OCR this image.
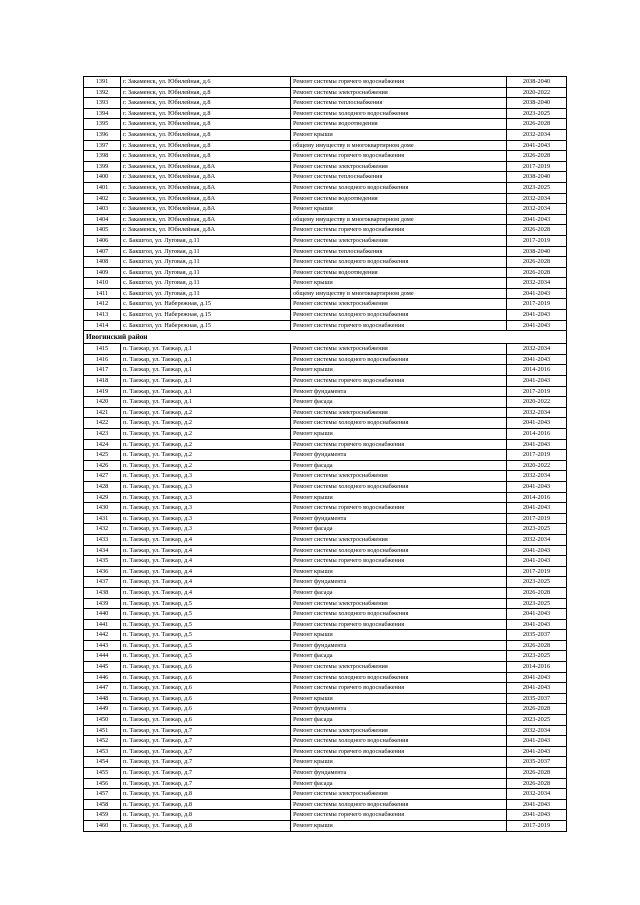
1391	г. Закаменск, ул. Юбилейная, д.6	Ремонт системы горячего водоснабжения	2038-2040
1392	г. Закаменск, ул. Юбилейная, д.8	Ремонт системы электроснабжения	2020-2022
1393	г. Закаменск, ул. Юбилейная, д.8	Ремонт системы теплоснабжения	2038-2040
1394	г. Закаменск, ул. Юбилейная, д.8	Ремонт системы холодного водоснабжения	2023-2025
1395	г. Закаменск, ул. Юбилейная, д.8	Ремонт системы водоотведения	2026-2028
1396	г. Закаменск, ул. Юбилейная, д.8	Ремонт крыши	2032-2034
1397	г. Закаменск, ул. Юбилейная, д.8	общему имуществу в многоквартирном доме	2041-2043
1398	г. Закаменск, ул. Юбилейная, д.8	Ремонт системы горячего водоснабжения	2026-2028
1399	г. Закаменск, ул. Юбилейная, д.8А	Ремонт системы электроснабжения	2017-2019
1400	г. Закаменск, ул. Юбилейная, д.8А	Ремонт системы теплоснабжения	2038-2040
1401	г. Закаменск, ул. Юбилейная, д.8А	Ремонт системы холодного водоснабжения	2023-2025
1402	г. Закаменск, ул. Юбилейная, д.8А	Ремонт системы водоотведения	2032-2034
1403	г. Закаменск, ул. Юбилейная, д.8А	Ремонт крыши	2032-2034
1404	г. Закаменск, ул. Юбилейная, д.8А	общему имуществу в многоквартирном доме	2041-2043
1405	г. Закаменск, ул. Юбилейная, д.8А	Ремонт системы горячего водоснабжения	2026-2028
1406	с. Бакшгол, ул. Луговая, д.11	Ремонт системы электроснабжения	2017-2019
1407	с. Бакшгол, ул. Луговая, д.11	Ремонт системы теплоснабжения	2038-2040
1408	с. Бакшгол, ул. Луговая, д.11	Ремонт системы холодного водоснабжения	2026-2028
1409	с. Бакшгол, ул. Луговая, д.11	Ремонт системы водоотведения	2026-2028
1410	с. Бакшгол, ул. Луговая, д.11	Ремонт крыши	2032-2034
1411	с. Бакшгол, ул. Луговая, д.11	общему имуществу в многоквартирном доме	2041-2043
1412	с. Бакшгол, ул. Набережная, д.15	Ремонт системы электроснабжения	2017-2019
1413	с. Бакшгол, ул. Набережная, д.15	Ремонт системы холодного водоснабжения	2041-2043
1414	с. Бакшгол, ул. Набережная, д.15	Ремонт системы горячего водоснабжения	2041-2043
Ивогинский район			
1415	п. Таежар, ул. Таежар, д.1	Ремонт системы электроснабжения	2032-2034
1416	п. Таежар, ул. Таежар, д.1	Ремонт системы холодного водоснабжения	2041-2043
1417	п. Таежар, ул. Таежар, д.1	Ремонт крыши	2014-2016
1418	п. Таежар, ул. Таежар, д.1	Ремонт системы горячего водоснабжения	2041-2043
1419	п. Таежар, ул. Таежар, д.1	Ремонт фундамента	2017-2019
1420	п. Таежар, ул. Таежар, д.1	Ремонт фасада	2020-2022
1421	п. Таежар, ул. Таежар, д.2	Ремонт системы электроснабжения	2032-2034
1422	п. Таежар, ул. Таежар, д.2	Ремонт системы холодного водоснабжения	2041-2043
1423	п. Таежар, ул. Таежар, д.2	Ремонт крыши	2014-2016
1424	п. Таежар, ул. Таежар, д.2	Ремонт системы горячего водоснабжения	2041-2043
1425	п. Таежар, ул. Таежар, д.2	Ремонт фундамента	2017-2019
1426	п. Таежар, ул. Таежар, д.2	Ремонт фасада	2020-2022
1427	п. Таежар, ул. Таежар, д.3	Ремонт системы электроснабжения	2032-2034
1428	п. Таежар, ул. Таежар, д.3	Ремонт системы холодного водоснабжения	2041-2043
1429	п. Таежар, ул. Таежар, д.3	Ремонт крыши	2014-2016
1430	п. Таежар, ул. Таежар, д.3	Ремонт системы горячего водоснабжения	2041-2043
1431	п. Таежар, ул. Таежар, д.3	Ремонт фундамента	2017-2019
1432	п. Таежар, ул. Таежар, д.3	Ремонт фасада	2023-2025
1433	п. Таежар, ул. Таежар, д.4	Ремонт системы электроснабжения	2032-2034
1434	п. Таежар, ул. Таежар, д.4	Ремонт системы холодного водоснабжения	2041-2043
1435	п. Таежар, ул. Таежар, д.4	Ремонт системы горячего водоснабжения	2041-2043
1436	п. Таежар, ул. Таежар, д.4	Ремонт крыши	2017-2019
1437	п. Таежар, ул. Таежар, д.4	Ремонт фундамента	2023-2025
1438	п. Таежар, ул. Таежар, д.4	Ремонт фасада	2026-2028
1439	п. Таежар, ул. Таежар, д.5	Ремонт системы электроснабжения	2023-2025
1440	п. Таежар, ул. Таежар, д.5	Ремонт системы холодного водоснабжения	2041-2043
1441	п. Таежар, ул. Таежар, д.5	Ремонт системы горячего водоснабжения	2041-2043
1442	п. Таежар, ул. Таежар, д.5	Ремонт крыши	2035-2037
1443	п. Таежар, ул. Таежар, д.5	Ремонт фундамента	2026-2028
1444	п. Таежар, ул. Таежар, д.5	Ремонт фасада	2023-2025
1445	п. Таежар, ул. Таежар, д.6	Ремонт системы электроснабжения	2014-2016
1446	п. Таежар, ул. Таежар, д.6	Ремонт системы холодного водоснабжения	2041-2043
1447	п. Таежар, ул. Таежар, д.6	Ремонт системы горячего водоснабжения	2041-2043
1448	п. Таежар, ул. Таежар, д.6	Ремонт крыши	2035-2037
1449	п. Таежар, ул. Таежар, д.6	Ремонт фундамента	2026-2028
1450	п. Таежар, ул. Таежар, д.6	Ремонт фасада	2023-2025
1451	п. Таежар, ул. Таежар, д.7	Ремонт системы электроснабжения	2032-2034
1452	п. Таежар, ул. Таежар, д.7	Ремонт системы холодного водоснабжения	2041-2043
1453	п. Таежар, ул. Таежар, д.7	Ремонт системы горячего водоснабжения	2041-2043
1454	п. Таежар, ул. Таежар, д.7	Ремонт крыши	2035-2037
1455	п. Таежар, ул. Таежар, д.7	Ремонт фундамента	2026-2028
1456	п. Таежар, ул. Таежар, д.7	Ремонт фасада	2026-2028
1457	п. Таежар, ул. Таежар, д.8	Ремонт системы электроснабжения	2032-2034
1458	п. Таежар, ул. Таежар, д.8	Ремонт системы холодного водоснабжения	2041-2043
1459	п. Таежар, ул. Таежар, д.8	Ремонт системы горячего водоснабжения	2041-2043
1460	п. Таежар, ул. Таежар, д.8	Ремонт крыши	2017-2019
